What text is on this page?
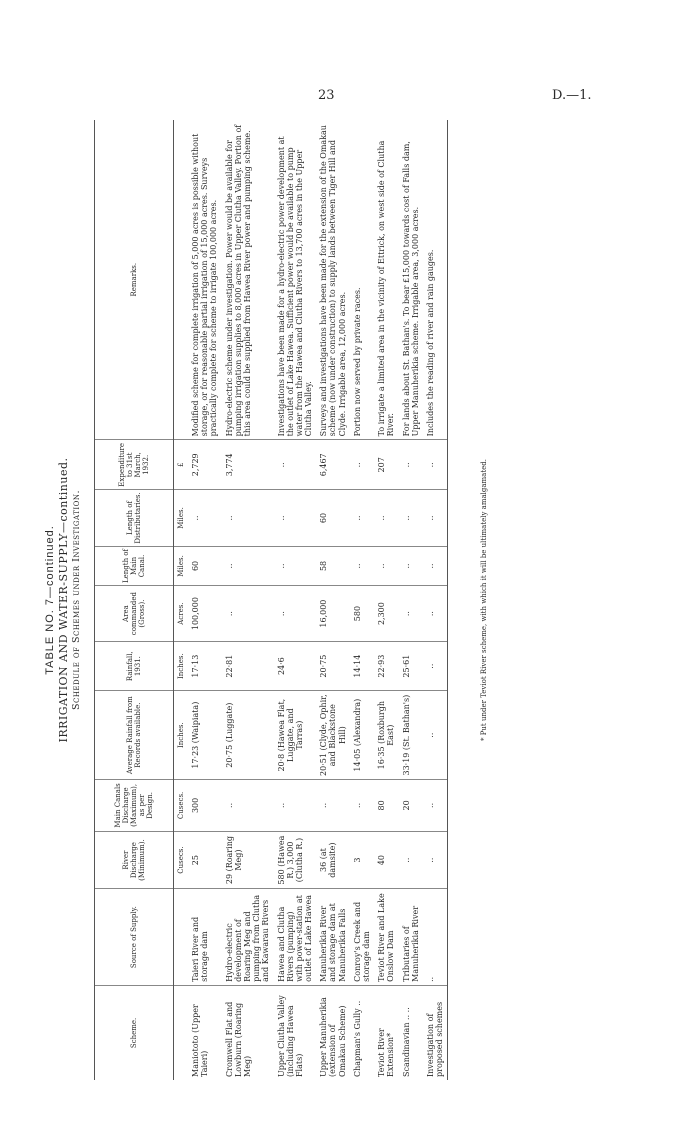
23	D.—1.
TABLE NO. 7—continued. IRRIGATION AND WATER-SUPPLY—continued. Schedule of Schemes under Investigation.
Scheme.	Source of Supply.	River Discharge (Minimum).	Main Canals Discharge (Maximum), as per Design.	Average Rainfall from Records available.	Rainfall, 1931.	Area commanded (Gross).	Length of Main Canal.	Length of Distributaries.	Expenditure to 31st March, 1932.	Remarks.
		Cusecs.	Cusecs.	Inches.	Inches.	Acres.	Miles.	Miles.	£	
Maniototo (Upper Taieri)	Taieri River and storage dam	25	300	17·23 (Waipiata)	17·13	100,000	60	..	2,729	Modified scheme for complete irrigation of 5,000 acres is possible without storage, or for reasonable partial irrigation of 15,000 acres. Surveys practically complete for scheme to irrigate 100,000 acres.
Cromwell Flat and Lowburn (Roaring Meg)	Hydro-electric development of Roaring Meg and pumping from Clutha and Kawarau Rivers	29 (Roaring Meg)	..	20·75 (Luggate)	22·81	..	..	..	3,774	Hydro-electric scheme under investigation. Power would be available for pumping irrigation supplies to 8,000 acres in Upper Clutha Valley. Portion of this area could be supplied from Hawea River power and pumping scheme.
Upper Clutha Valley (including Hawea Flats)	Hawea and Clutha Rivers (pumping) with power-station at outlet of Lake Hawea	580 (Hawea R.) 3,000 (Clutha R.)	..	20·8 (Hawea Flat, Luggate, and Tarras)	24·6	..	..	..	..	Investigations have been made for a hydro-electric power development at the outlet of Lake Hawea. Sufficient power would be available to pump water from the Hawea and Clutha Rivers to 13,700 acres in the Upper Clutha Valley.
Upper Manuherikia (extension of Omakau Scheme)	Manuherikia River and storage dam at Manuherikia Falls	36 (at damsite)	..	20·51 (Clyde, Ophir, and Blackstone Hill)	20·75	16,000	58	60	6,467	Surveys and investigations have been made for the extension of the Omakau scheme (now under construction) to supply lands between Tiger Hill and Clyde. Irrigable area, 12,000 acres.
Chapman's Gully ..	Conroy's Creek and storage dam	3	..	14·05 (Alexandra)	14·14	580	..	..	..	Portion now served by private races.
Teviot River Extension*	Teviot River and Lake Onslow Dam	40	80	16·35 (Roxburgh East)	22·93	2,300	..	..	207	To irrigate a limited area in the vicinity of Ettrick, on west side of Clutha River.
Scandinavian .. ..	Tributaries of Manuherikia River	..	20	33·19 (St. Bathan's)	25·61	..	..	..	..	For lands about St. Bathan's. To bear £15,000 towards cost of Falls dam, Upper Manuherikia scheme. Irrigable area, 3,000 acres.
Investigation of proposed schemes	..	..	..	..	..	..	..	..	..	Includes the reading of river and rain gauges.
* Put under Teviot River scheme, with which it will be ultimately amalgamated.
